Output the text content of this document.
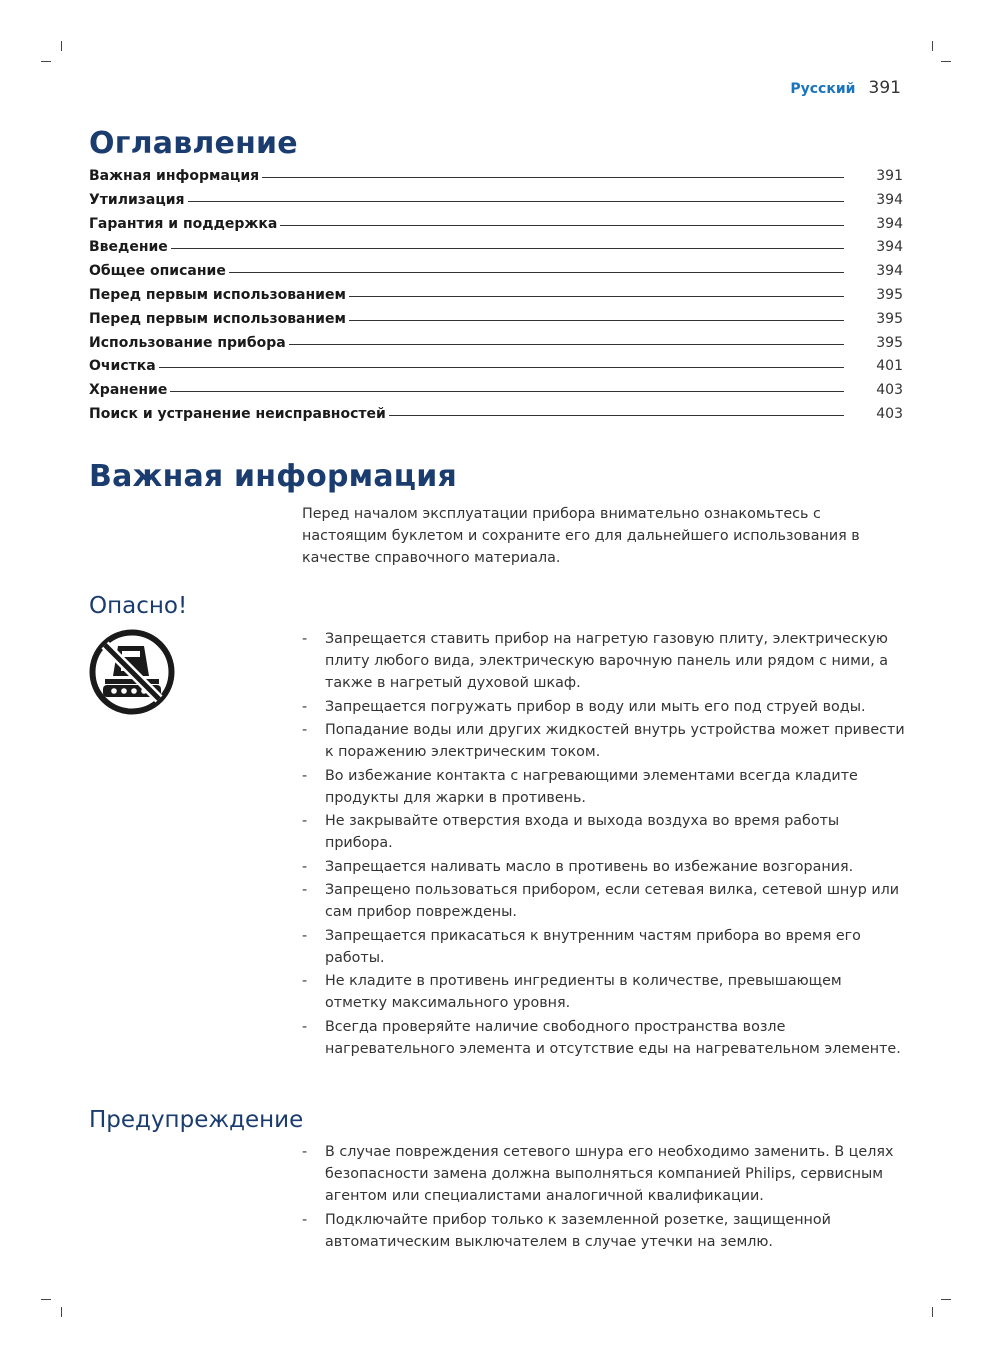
Русский 391
Оглавление
Важная информация	391
Утилизация	394
Гарантия и поддержка	394
Введение	394
Общее описание	394
Перед первым использованием	395
Перед первым использованием	395
Использование прибора	395
Очистка	401
Хранение	403
Поиск и устранение неисправностей	403
Важная информация

Перед началом эксплуатации прибора внимательно ознакомьтесь с настоящим буклетом и сохраните его для дальнейшего использования в качестве справочного материала.

Опасно!
- Запрещается ставить прибор на нагретую газовую плиту, электрическую плиту любого вида, электрическую варочную панель или рядом с ними, а также в нагретый духовой шкаф.
- Запрещается погружать прибор в воду или мыть его под струей воды.
- Попадание воды или других жидкостей внутрь устройства может привести к поражению электрическим током.
- Во избежание контакта с нагревающими элементами всегда кладите продукты для жарки в противень.
- Не закрывайте отверстия входа и выхода воздуха во время работы прибора.
- Запрещается наливать масло в противень во избежание возгорания.
- Запрещено пользоваться прибором, если сетевая вилка, сетевой шнур или сам прибор повреждены.
- Запрещается прикасаться к внутренним частям прибора во время его работы.
- Не кладите в противень ингредиенты в количестве, превышающем отметку максимального уровня.
- Всегда проверяйте наличие свободного пространства возле нагревательного элемента и отсутствие еды на нагревательном элементе.
Предупреждение
- В случае повреждения сетевого шнура его необходимо заменить. В целях безопасности замена должна выполняться компанией Philips, сервисным агентом или специалистами аналогичной квалификации.
- Подключайте прибор только к заземленной розетке, защищенной автоматическим выключателем в случае утечки на землю.
